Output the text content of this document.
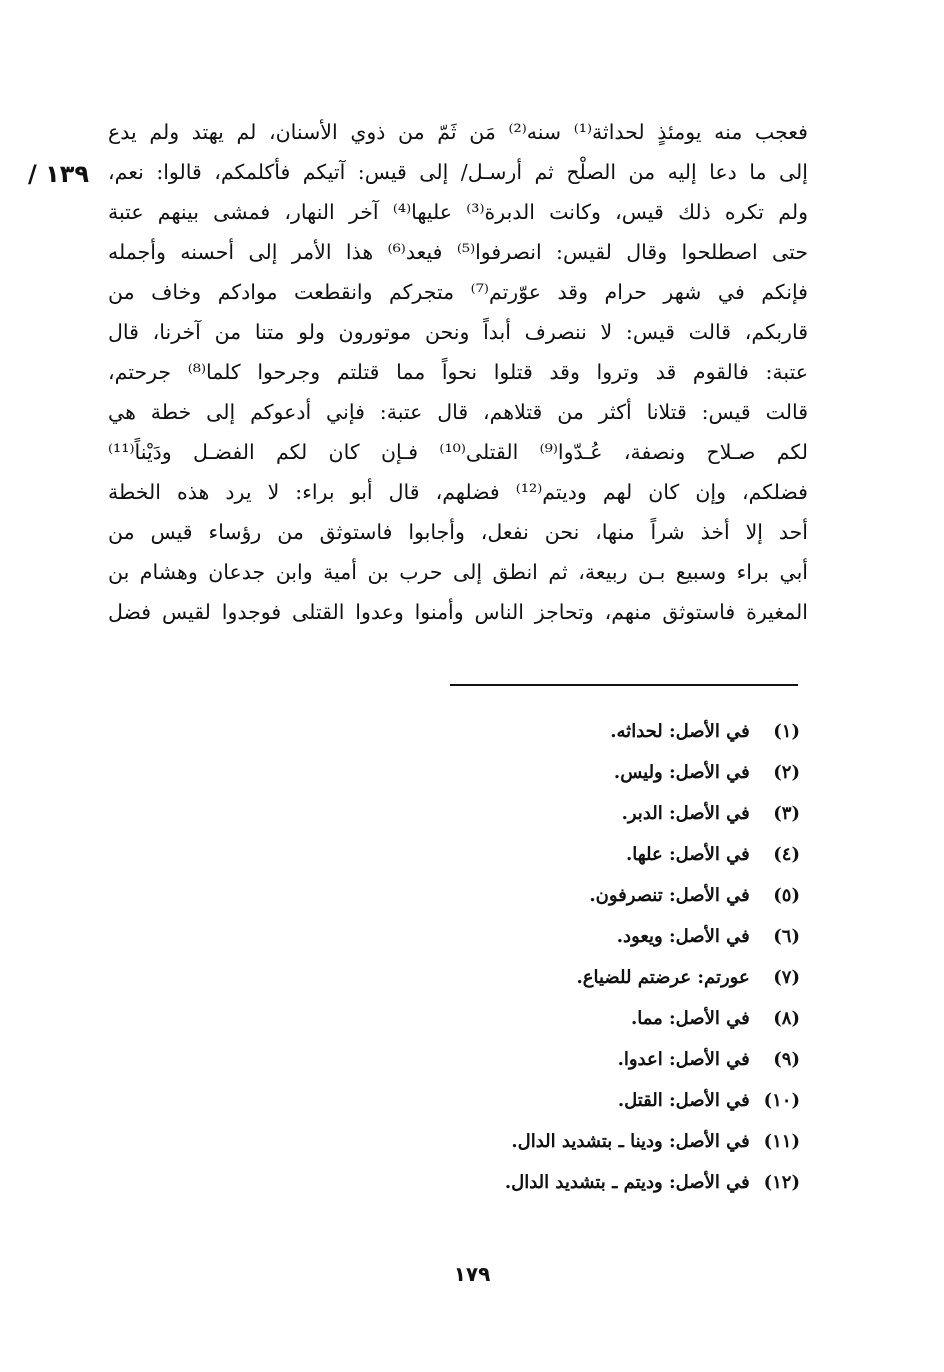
١٣٩ /
فعجب منه يومئذٍ لحداثة⁽¹⁾ سنه⁽²⁾ مَن ثَمّ من ذوي الأسنان، لم يهتد ولم يدع
إلى ما دعا إليه من الصلْح ثم أرسـل/ إلى قيس: آتيكم فأكلمكم، قالوا: نعم،
ولم تكره ذلك قيس، وكانت الدبرة⁽³⁾ عليها⁽⁴⁾ آخر النهار، فمشى بينهم عتبة
حتى اصطلحوا وقال لقيس: انصرفوا⁽⁵⁾ فيعد⁽⁶⁾ هذا الأمر إلى أحسنه وأجمله
فإنكم في شهر حرام وقد عوّرتم⁽⁷⁾ متجركم وانقطعت موادكم وخاف من
قاربكم، قالت قيس: لا ننصرف أبداً ونحن موتورون ولو متنا من آخرنا، قال
عتبة: فالقوم قد وتروا وقد قتلوا نحواً مما قتلتم وجرحوا كلما⁽⁸⁾ جرحتم،
قالت قيس: قتلانا أكثر من قتلاهم، قال عتبة: فإني أدعوكم إلى خطة هي
لكم صـلاح ونصفة، عُـدّوا⁽⁹⁾ القتلى⁽¹⁰⁾ فـإن كان لكم الفضـل ودَيْناً⁽¹¹⁾
فضلكم، وإن كان لهم وديتم⁽¹²⁾ فضلهم، قال أبو براء: لا يرد هذه الخطة
أحد إلا أخذ شراً منها، نحن نفعل، وأجابوا فاستوثق من رؤساء قيس من
أبي براء وسبيع بـن ربيعة، ثم انطق إلى حرب بن أمية وابن جدعان وهشام بن
المغيرة فاستوثق منهم، وتحاجز الناس وأمنوا وعدوا القتلى فوجدوا لقيس فضل
(١) في الأصل: لحداثه.
(٢) في الأصل: وليس.
(٣) في الأصل: الدبر.
(٤) في الأصل: علها.
(٥) في الأصل: تنصرفون.
(٦) في الأصل: ويعود.
(٧) عورتم: عرضتم للضياع.
(٨) في الأصل: مما.
(٩) في الأصل: اعدوا.
(١٠) في الأصل: القتل.
(١١) في الأصل: ودينا ـ بتشديد الدال.
(١٢) في الأصل: وديتم ـ بتشديد الدال.
١٧٩
